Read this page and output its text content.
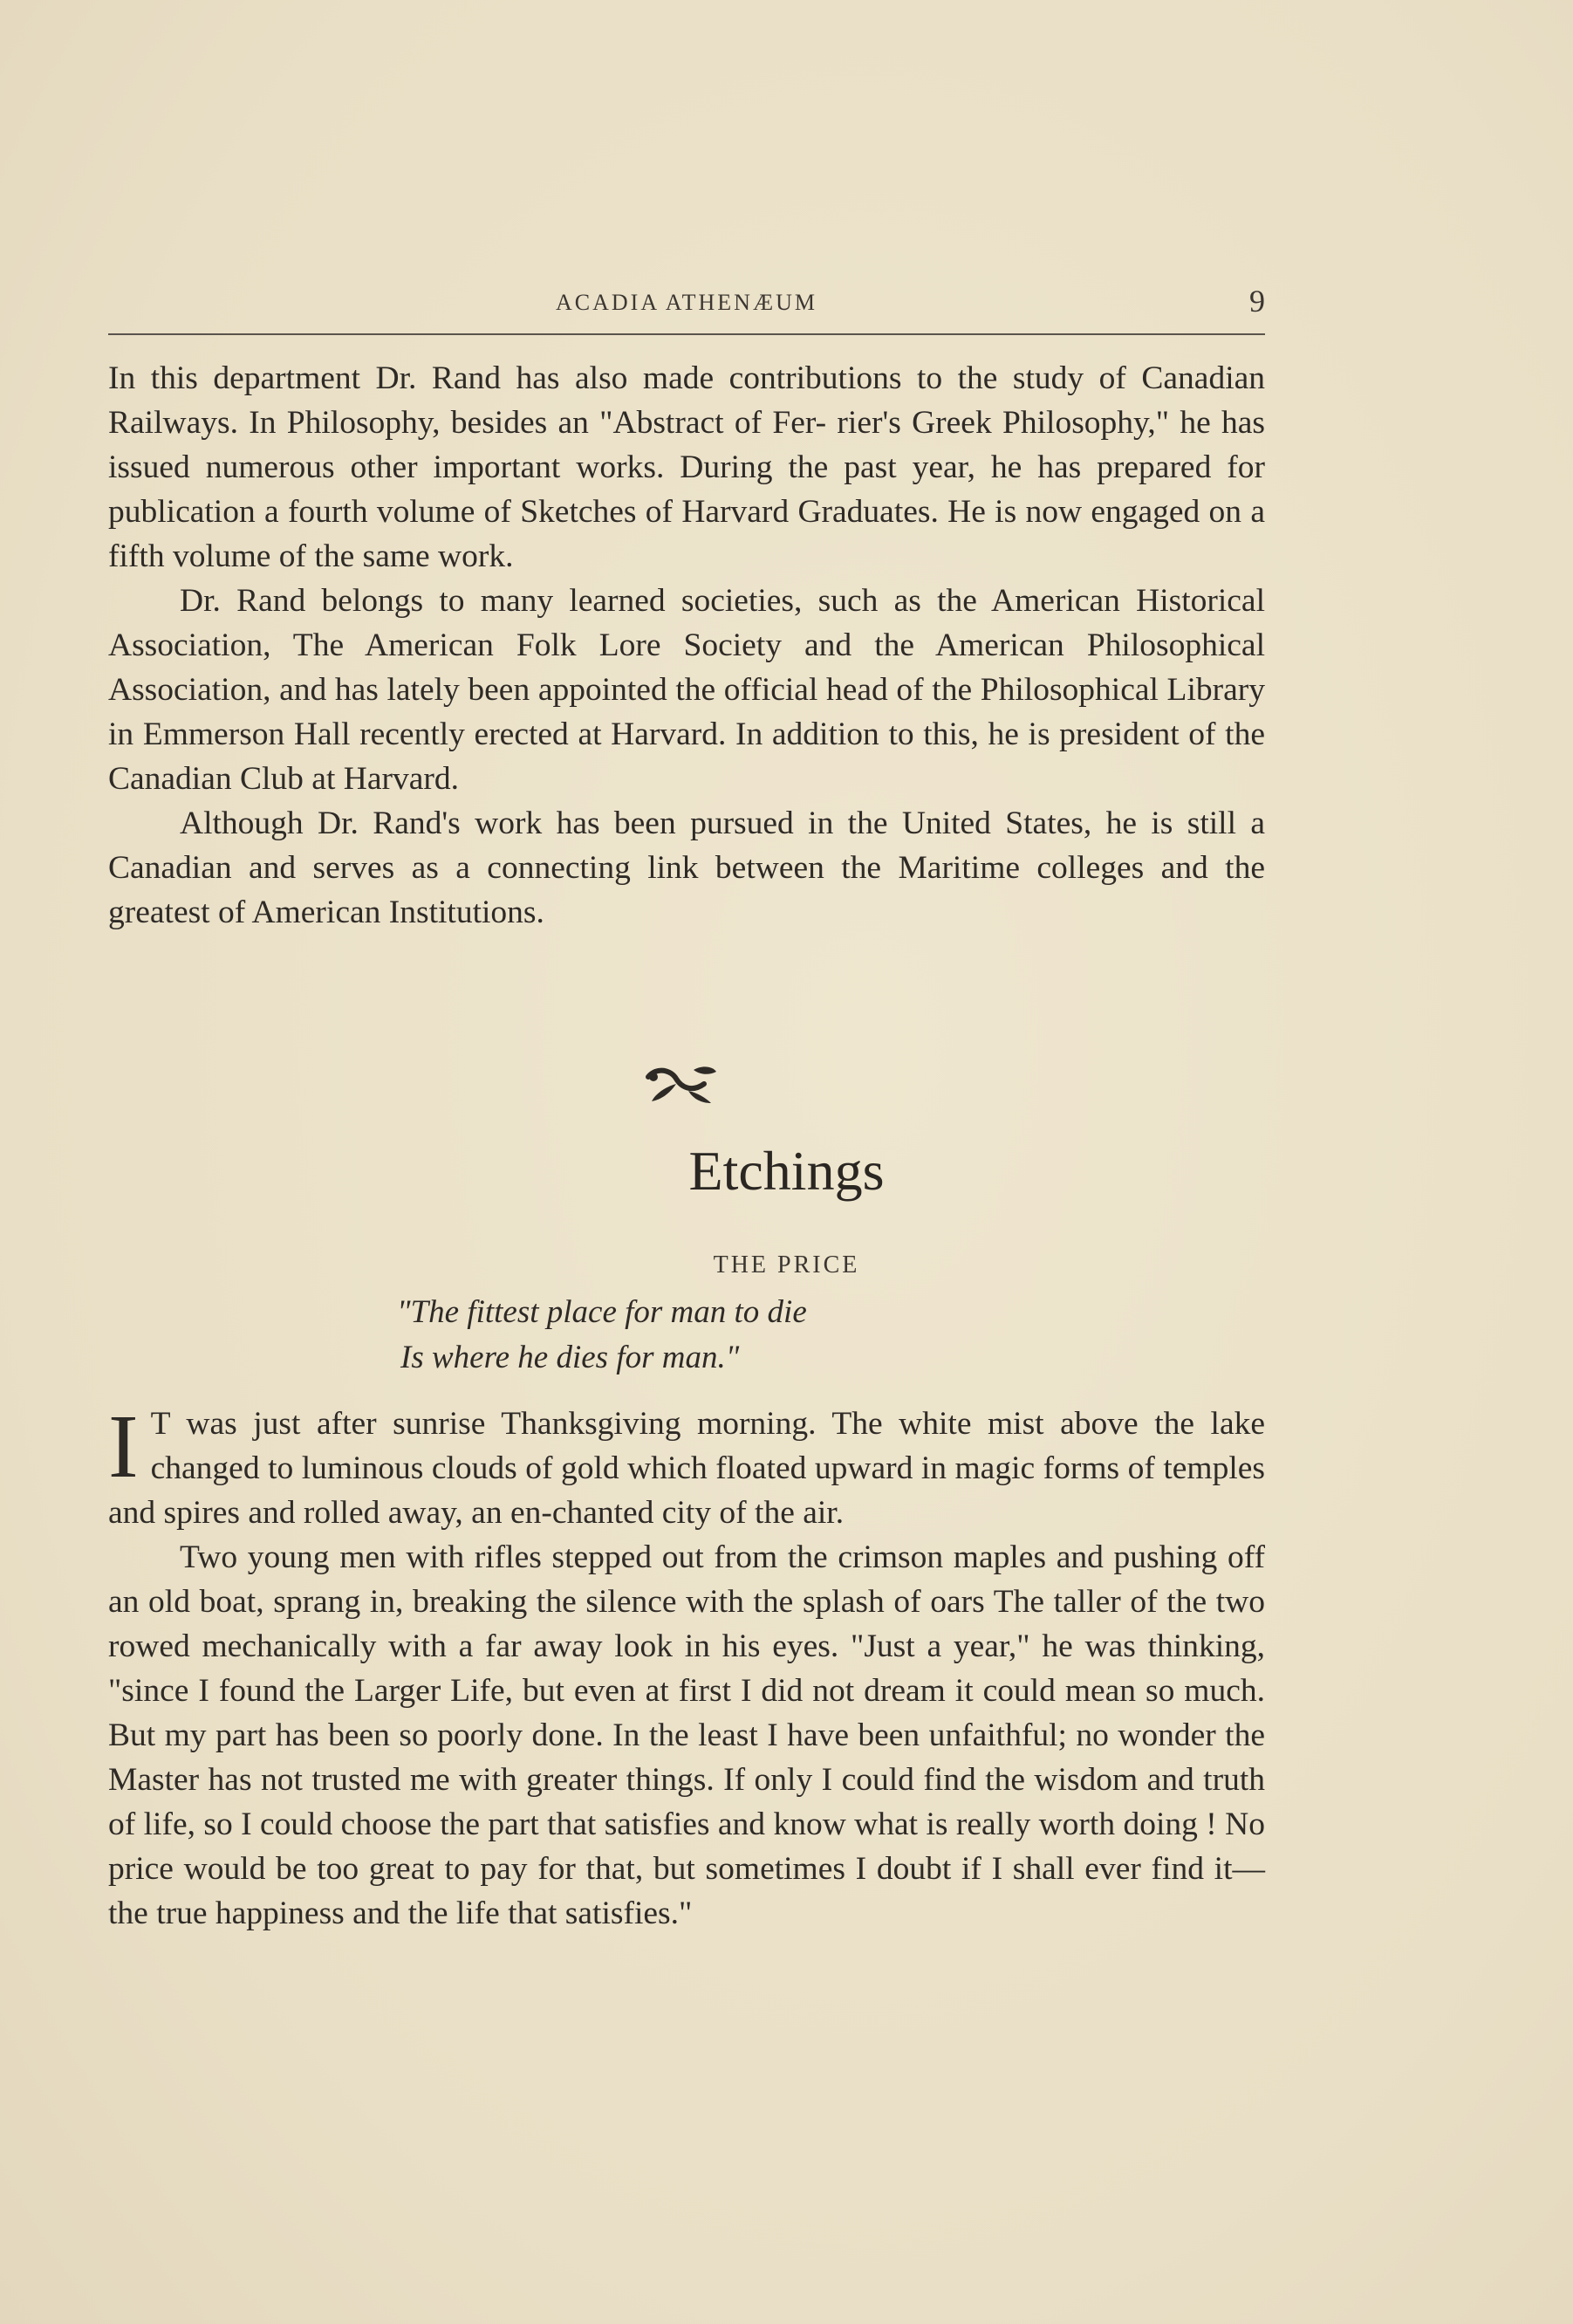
ACADIA ATHENÆUM	9

In this department Dr. Rand has also made contributions to the study of Canadian Railways. In Philosophy, besides an "Abstract of Fer- rier's Greek Philosophy," he has issued numerous other important works. During the past year, he has prepared for publication a fourth volume of Sketches of Harvard Graduates. He is now engaged on a fifth volume of the same work.

Dr. Rand belongs to many learned societies, such as the American Historical Association, The American Folk Lore Society and the American Philosophical Association, and has lately been appointed the official head of the Philosophical Library in Emmerson Hall recently erected at Harvard. In addition to this, he is president of the Canadian Club at Harvard.

Although Dr. Rand's work has been pursued in the United States, he is still a Canadian and serves as a connecting link between the Maritime colleges and the greatest of American Institutions.

Etchings
THE PRICE
"The fittest place for man to die
Is where he dies for man."

I T was just after sunrise Thanksgiving morning. The white mist above the lake changed to luminous clouds of gold which floated upward in magic forms of temples and spires and rolled away, an en-chanted city of the air.

Two young men with rifles stepped out from the crimson maples and pushing off an old boat, sprang in, breaking the silence with the splash of oars The taller of the two rowed mechanically with a far away look in his eyes. "Just a year," he was thinking, "since I found the Larger Life, but even at first I did not dream it could mean so much. But my part has been so poorly done. In the least I have been unfaithful; no wonder the Master has not trusted me with greater things. If only I could find the wisdom and truth of life, so I could choose the part that satisfies and know what is really worth doing ! No price would be too great to pay for that, but sometimes I doubt if I shall ever find it—the true happiness and the life that satisfies."
